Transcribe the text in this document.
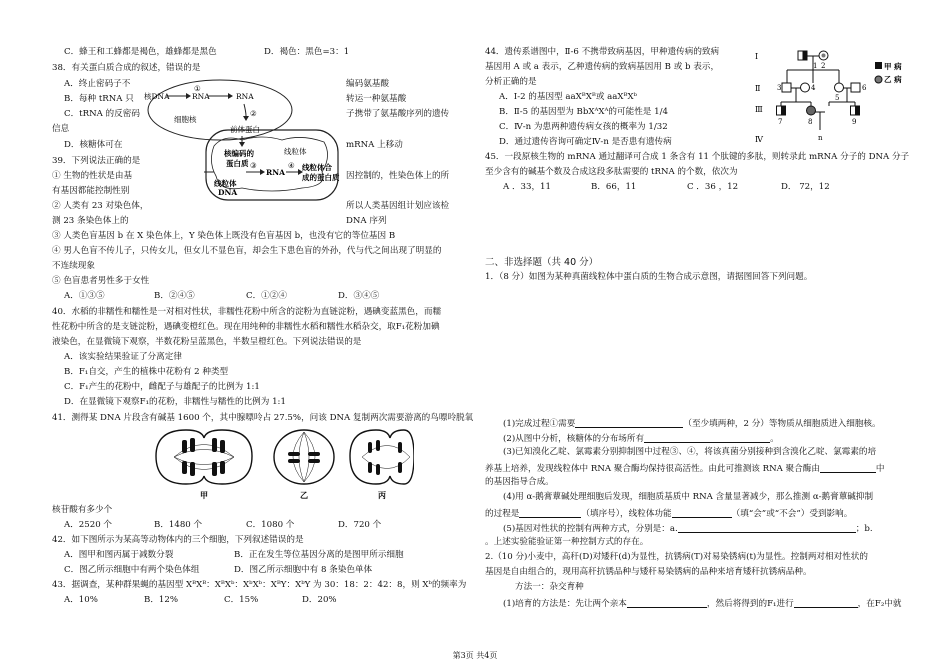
C．蜂王和工蜂都是褐色，雄蜂都是黑色	D．褐色：黑色=3：1
38．有关蛋白质合成的叙述，错误的是
A．终止密码子不	编码氨基酸
B．每种 tRNA 只	转运一种氨基酸
C．tRNA 的反密码	子携带了氨基酸序列的遗传
信息
D．核糖体可在	mRNA 上移动
39．下列说法正确的是
① 生物的性状是由基	因控制的，性染色体上的所
有基因都能控制性别
② 人类有 23 对染色体，	所以人类基因组计划应该检
测 23 条染色体上的	DNA 序列
③ 人类色盲基因 b 在 X 染色体上，Y 染色体上既没有色盲基因 b，也没有它的等位基因 B
④ 男人色盲不传儿子，只传女儿，但女儿不显色盲，却会生下患色盲的外孙，代与代之间出现了明显的
不连续现象
⑤ 色盲患者男性多于女性
A．①③⑤	B．②④⑤	C．①②④	D．③④⑤
核DNA
①
RNA	RNA
②
前体蛋白
细胞核
核编码的
蛋白质
线粒体
线粒体
DNA
③
RNA
④ 线粒体合
成的蛋白质
40．水稻的非糯性和糯性是一对相对性状，非糯性花粉中所含的淀粉为直链淀粉，遇碘变蓝黑色，而糯
性花粉中所含的是支链淀粉，遇碘变橙红色。现在用纯种的非糯性水稻和糯性水稻杂交，取F₁花粉加碘
液染色，在显微镜下观察，半数花粉呈蓝黑色，半数呈橙红色。下列说法错误的是
A．该实验结果验证了分离定律
B．F₁自交，产生的植株中花粉有 2 种类型
C．F₁产生的花粉中，雌配子与雄配子的比例为 1:1
D．在显微镜下观察F₁的花粉，非糯性与糯性的比例为 1:1
41．测得某 DNA 片段含有碱基 1600 个，其中腺嘌呤占 27.5%，问该 DNA 复制两次需要游离的鸟嘌呤脱氧
甲	乙	丙
核苷酸有多少个
A．2520 个	B．1480 个	C．1080 个	D．720 个
42．如下图所示为某高等动物体内的三个细胞，下列叙述错误的是
A．图甲和图丙属于减数分裂	B．正在发生等位基因分离的是图甲所示细胞
C．图乙所示细胞中有两个染色体组	D．图乙所示细胞中有 8 条染色单体
43．据调查，某种群果蝇的基因型 XᴮXᴮ：XᴮXᵇ：XᵇXᵇ：XᴮY：XᵇY 为 30：18：2：42：8，则 Xᵇ的频率为
A．10%	B．12%	C．15%	D．20%
44．遗传系谱图中，Ⅱ-6 不携带致病基因，甲种遗传病的致病
基因用 A 或 a 表示，乙种遗传病的致病基因用 B 或 b 表示，
分析正确的是
A．Ⅰ-2 的基因型 aaXᴮXᴮ或 aaXᴮXᵇ
B．Ⅱ-5 的基因型为 BbXᴬXᴬ的可能性是 1/4
C．Ⅳ-n 为患两种遗传病女孩的概率为 1/32
D．通过遗传咨询可确定Ⅳ-n 是否患有遗传病
Ⅰ
Ⅱ
Ⅲ
Ⅳ
1 2
3	4
5
6
7	8	9
n
甲 病
乙 病
45．一段原核生物的 mRNA 通过翻译可合成 1 条含有 11 个肽键的多肽，则转录此 mRNA 分子的 DNA 分子
至少含有的碱基个数及合成这段多肽需要的 tRNA 的个数，依次为
A ．33，11	B．66，11	C ．36 ，12	D． 72，12
二、非选择题（共 40 分）
1．（8 分）如图为某种真菌线粒体中蛋白质的生物合成示意图，请据图回答下列问题。
(1)完成过程①需要	（至少填两种，2 分）等物质从细胞质进入细胞核。
(2)从图中分析，核糖体的分布场所有	。
(3)已知溴化乙啶、氯霉素分别抑制图中过程③、④，将该真菌分别接种到含溴化乙啶、氯霉素的培
养基上培养，发现线粒体中 RNA 聚合酶均保持很高活性。由此可推测该 RNA 聚合酶由	中
的基因指导合成。
(4)用 α-鹅膏蕈碱处理细胞后发现，细胞质基质中 RNA 含量显著减少，那么推测 α-鹅膏蕈碱抑制
的过程是	（填序号），线粒体功能	（填“会”或“不会”）受到影响。
(5)基因对性状的控制有两种方式，分别是：a.	；b.
。上述实验能验证第一种控制方式的存在。
2.（10 分)小麦中，高秆(D)对矮秆(d)为显性，抗锈病(T)对易染锈病(t)为显性。控制两对相对性状的
基因是自由组合的，现用高秆抗锈品种与矮秆易染锈病的品种来培育矮秆抗锈病品种。
方法一：杂交育种
(1)培育的方法是：先让两个亲本	，然后将得到的F₁进行	，在F₂中就
第3页 共4页
